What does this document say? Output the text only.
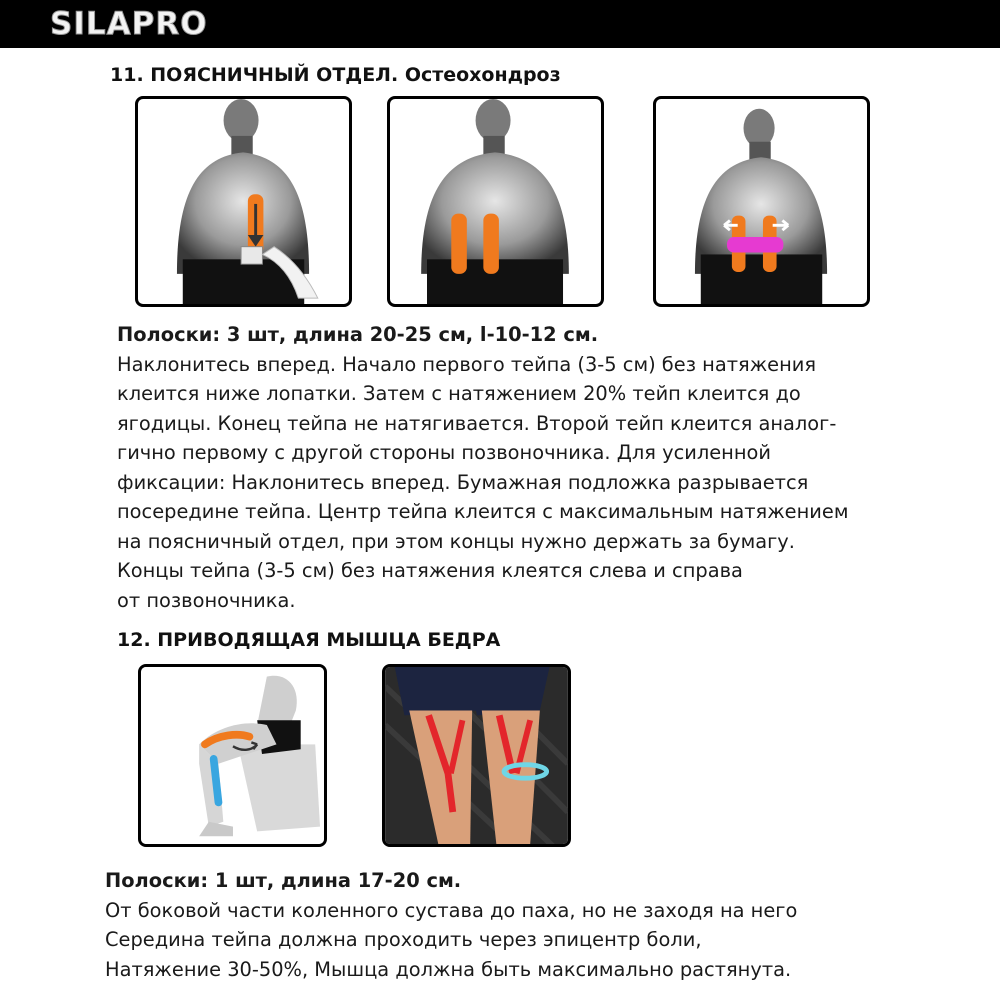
SILAPRO
11. ПОЯСНИЧНЫЙ ОТДЕЛ. Остеохондроз
Полоски: 3 шт, длина 20-25 см, l-10-12 см.
Наклонитесь вперед. Начало первого тейпа (3-5 см) без натяжения
клеится ниже лопатки. Затем с натяжением 20% тейп клеится до
ягодицы. Конец тейпа не натягивается. Второй тейп клеится аналог-
гично первому с другой стороны позвоночника. Для усиленной
фиксации: Наклонитесь вперед. Бумажная подложка разрывается
посередине тейпа. Центр тейпа клеится с максимальным натяжением
на поясничный отдел, при этом концы нужно держать за бумагу.
Концы тейпа (3-5 см) без натяжения клеятся слева и справа
от позвоночника.
12. ПРИВОДЯЩАЯ МЫШЦА БЕДРА
Полоски: 1 шт, длина 17-20 см.
От боковой части коленного сустава до паха, но не заходя на него
Середина тейпа должна проходить через эпицентр боли,
Натяжение 30-50%, Мышца должна быть максимально растянута.
